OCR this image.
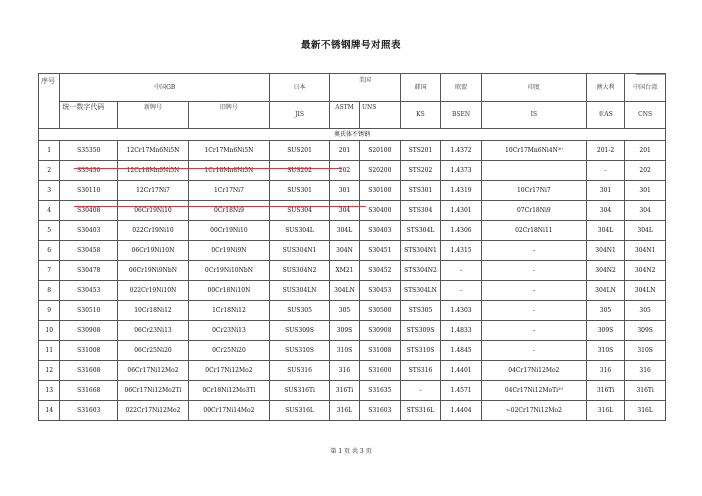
最新不锈钢牌号对照表
序号	中国GB			日本	美国		韩国	欧盟	印度	澳大利	中国台湾
	统一数字代码	新牌号	旧牌号	JIS	ASTM	UNS	KS	BSEN	IS	亚AS	CNS
奥氏体不锈钢											
1	S35350	12Cr17Mn6Ni5N	1Cr17Mn6Ni5N	SUS201	201	S20100	STS201	1.4372	10Cr17Mn6Ni4N²⁰	201-2	201
2	S35450	12Cr18Mn9Ni5N	1Cr18Mn8Ni5N	SUS202	202	S20200	STS202	1.4373		-	202
3	S30110	12Cr17Ni7	1Cr17Ni7	SUS301	301	S30100	STS301	1.4319	10Cr17Ni7	301	301
4	S30408	06Cr19Ni10	0Cr18Ni9	SUS304	304	S30400	STS304	1.4301	07Cr18Ni9	304	304
5	S30403	022Cr19Ni10	00Cr19Ni10	SUS304L	304L	S30403	STS304L	1.4306	02Cr18Ni11	304L	304L
6	S30458	06Cr19Ni10N	0Cr19Ni9N	SUS304N1	304N	S30451	STS304N1	1.4315	-	304N1	304N1
7	S30478	06Cr19Ni9NbN	0Cr19Ni10NbN	SUS304N2	XM21	S30452	STS304N2	-	-	304N2	304N2
8	S30453	022Cr19Ni10N	00Cr18Ni10N	SUS304LN	304LN	S30453	STS304LN	-	-	304LN	304LN
9	S30510	10Cr18Ni12	1Cr18Ni12	SUS305	305	S30500	STS305	1.4303	-	305	305
10	S30908	06Cr23Ni13	0Cr23Ni13	SUS309S	309S	S30908	STS309S	1.4833	-	309S	309S
11	S31008	06Cr25Ni20	0Cr25Ni20	SUS310S	310S	S31008	STS310S	1.4845	-	310S	310S
12	S31608	06Cr17Ni12Mo2	0Cr17Ni12Mo2	SUS316	316	S31600	STS316	1.4401	04Cr17Ni12Mo2	316	316
13	S31668	06Cr17Ni12Mo2Ti	0Cr18Ni12Mo3Ti	SUS316Ti	316Ti	S31635	-	1.4571	04Cr17Ni12MoTi²⁰	316Ti	316Ti
14	S31603	022Cr17Ni12Mo2	00Cr17Ni14Mo2	SUS316L	316L	S31603	STS316L	1.4404	~02Cr17Ni12Mo2	316L	316L
第 1 页 共 3 页
